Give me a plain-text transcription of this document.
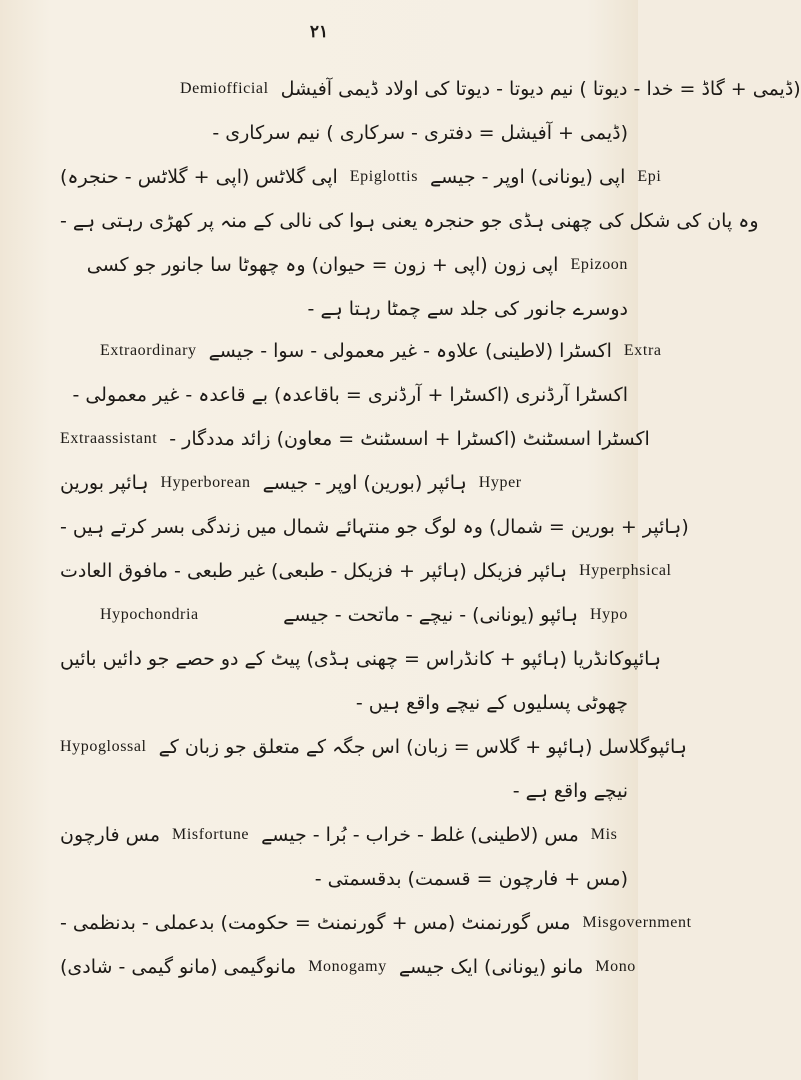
۲۱
Demiofficial (ڈیمی + گاڈ = خدا - دیوتا ) نیم دیوتا - دیوتا کی اولاد ڈیمی آفیشل
(ڈیمی + آفیشل = دفتری - سرکاری ) نیم سرکاری -
اپی گلاٹس (اپی + گلاٹس - حنجرہ) Epiglottis اپی (یونانی) اوپر - جیسے Epi
وہ پان کی شکل کی چھنی ہڈی جو حنجرہ یعنی ہوا کی نالی کے منہ پر کھڑی رہتی ہے -
اپی زون (اپی + زون = حیوان) وہ چھوٹا سا جانور جو کسی Epizoon
دوسرے جانور کی جلد سے چمٹا رہتا ہے -
Extraordinary اکسٹرا (لاطینی) علاوہ - غیر معمولی - سوا - جیسے Extra
اکسٹرا آرڈنری (اکسٹرا + آرڈنری = باقاعدہ) بے قاعدہ - غیر معمولی -
Extraassistant اکسٹرا اسسٹنٹ (اکسٹرا + اسسٹنٹ = معاون) زائد مددگار -
ہائپر بورین Hyperborean ہائپر (بورین) اوپر - جیسے Hyper
(ہائپر + بورین = شمال) وہ لوگ جو منتہائے شمال میں زندگی بسر کرتے ہیں -
ہائپر فزیکل (ہائپر + فزیکل - طبعی) غیر طبعی - مافوق العادت Hyperphsical
Hypochondria	ہائپو (یونانی) - نیچے - ماتحت - جیسے Hypo
ہائپوکانڈریا (ہائپو + کانڈراس = چھنی ہڈی) پیٹ کے دو حصے جو دائیں بائیں
چھوٹی پسلیوں کے نیچے واقع ہیں -
Hypoglossal ہائپوگلاسل (ہائپو + گلاس = زبان) اس جگہ کے متعلق جو زبان کے
نیچے واقع ہے -
مس فارچون Misfortune مس (لاطینی) غلط - خراب - بُرا - جیسے Mis
(مس + فارچون = قسمت) بدقسمتی -
مس گورنمنٹ (مس + گورنمنٹ = حکومت) بدعملی - بدنظمی - Misgovernment
مانوگیمی (مانو گیمی - شادی) Monogamy مانو (یونانی) ایک جیسے Mono
